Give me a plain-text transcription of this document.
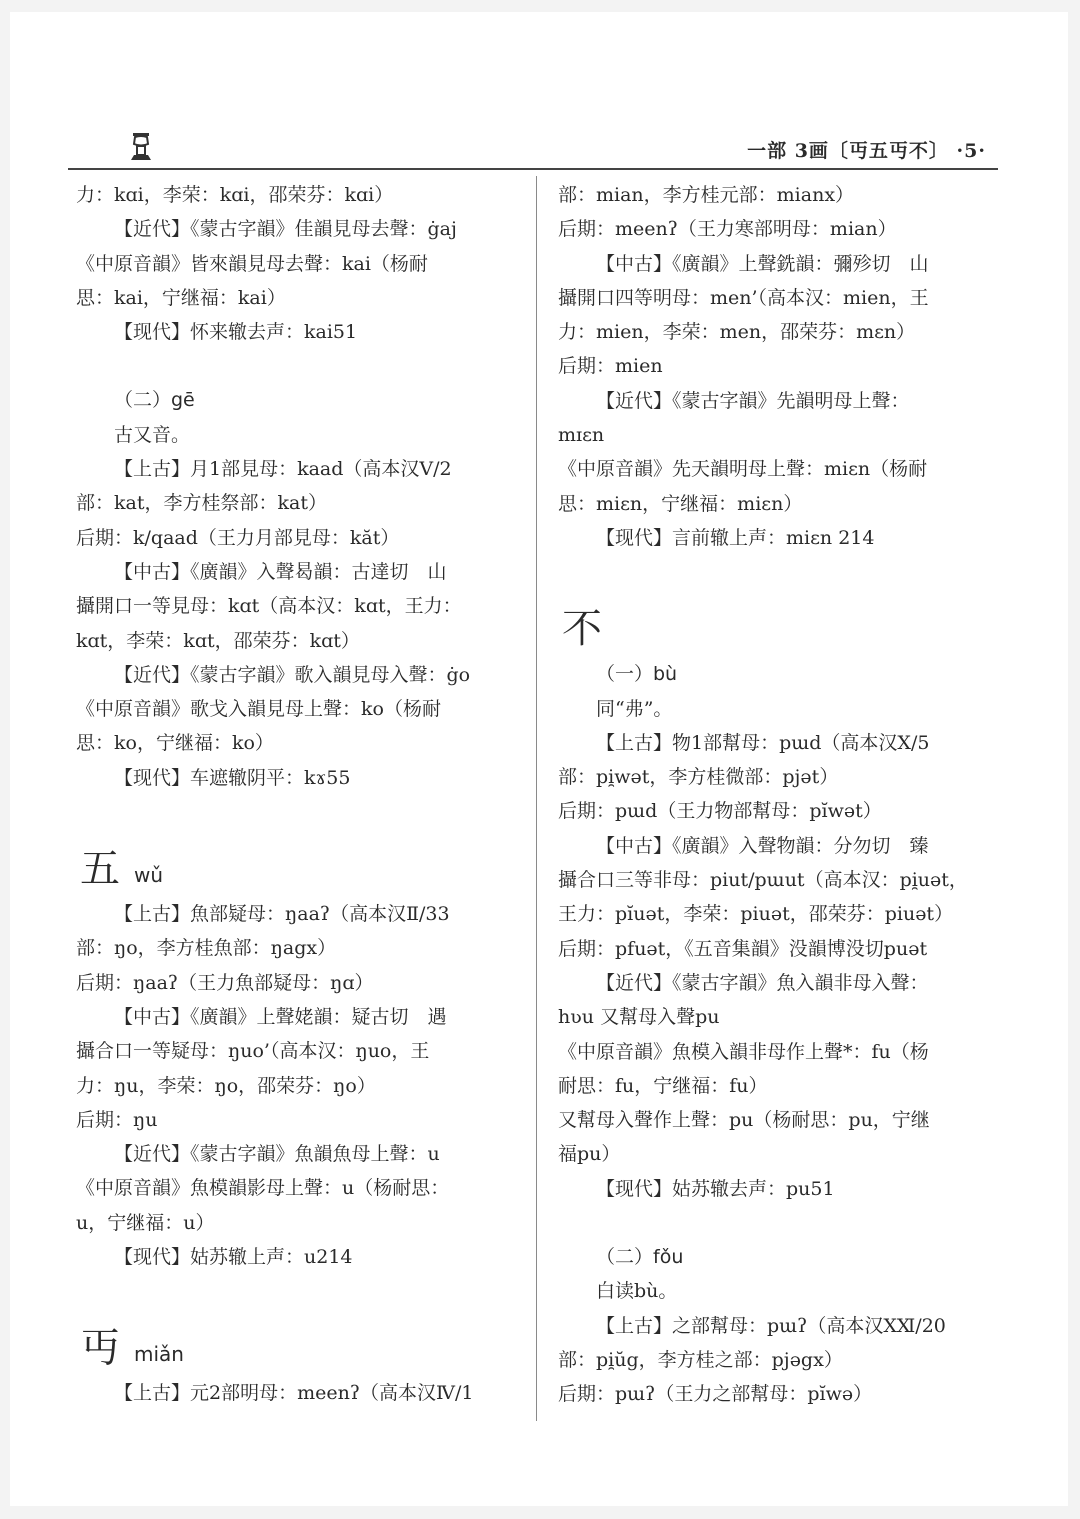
一部 3画〔丏五丏不〕 ·5·

力：kɑi，李荣：kɑi，邵荣芬：kɑi）

【近代】《蒙古字韻》佳韻見母去聲：ġaj

《中原音韻》皆來韻見母去聲：kai（杨耐

思：kai，宁继福：kai）

【现代】怀来辙去声：kai51

（二）gē

古又音。

【上古】月1部見母：kaad（高本汉Ⅴ/2

部：kat，李方桂祭部：kat）

后期：k/qaad（王力月部見母：kăt）

【中古】《廣韻》入聲曷韻：古達切　山

攝開口一等見母：kɑt（高本汉：kɑt，王力：

kɑt，李荣：kɑt，邵荣芬：kɑt）

【近代】《蒙古字韻》歌入韻見母入聲：ġo

《中原音韻》歌戈入韻見母上聲：ko（杨耐

思：ko，宁继福：ko）

【现代】车遮辙阴平：kɤ55

五wǔ

【上古】魚部疑母：ŋaaʔ（高本汉Ⅱ/33

部：ŋo，李方桂魚部：ŋagx）

后期：ŋaaʔ（王力魚部疑母：ŋɑ）

【中古】《廣韻》上聲姥韻：疑古切　遇

攝合口一等疑母：ŋuo’（高本汉：ŋuo，王

力：ŋu，李荣：ŋo，邵荣芬：ŋo）

后期：ŋu

【近代】《蒙古字韻》魚韻魚母上聲：u

《中原音韻》魚模韻影母上聲：u（杨耐思：

u，宁继福：u）

【现代】姑苏辙上声：u214

丏miǎn

【上古】元2部明母：meenʔ（高本汉Ⅳ/1

部：mian，李方桂元部：mianx）

后期：meenʔ（王力寒部明母：mian）

【中古】《廣韻》上聲銑韻：彌殄切　山

攝開口四等明母：men’（高本汉：mien，王

力：mien，李荣：men，邵荣芬：mɛn）

后期：mien

【近代】《蒙古字韻》先韻明母上聲：

mɪɛn

《中原音韻》先天韻明母上聲：miɛn（杨耐

思：miɛn，宁继福：miɛn）

【现代】言前辙上声：miɛn 214

不

（一）bù

同“弗”。

【上古】物1部幫母：pɯd（高本汉Ⅹ/5

部：pi̯wət，李方桂微部：pjət）

后期：pɯd（王力物部幫母：pĭwət）

【中古】《廣韻》入聲物韻：分勿切　臻

攝合口三等非母：piut/pɯut（高本汉：pi̯uət，

王力：pĭuət，李荣：piuət，邵荣芬：piuət）

后期：pfuət，《五音集韻》没韻博没切puət

【近代】《蒙古字韻》魚入韻非母入聲：

hʋu 又幫母入聲pu

《中原音韻》魚模入韻非母作上聲*：fu（杨

耐思：fu，宁继福：fu）

又幫母入聲作上聲：pu（杨耐思：pu，宁继

福pu）

【现代】姑苏辙去声：pu51

（二）fǒu

白读bù。

【上古】之部幫母：pɯʔ（高本汉ⅩⅪ/20

部：pi̯ŭg，李方桂之部：pjəgx）

后期：pɯʔ（王力之部幫母：pĭwə）
